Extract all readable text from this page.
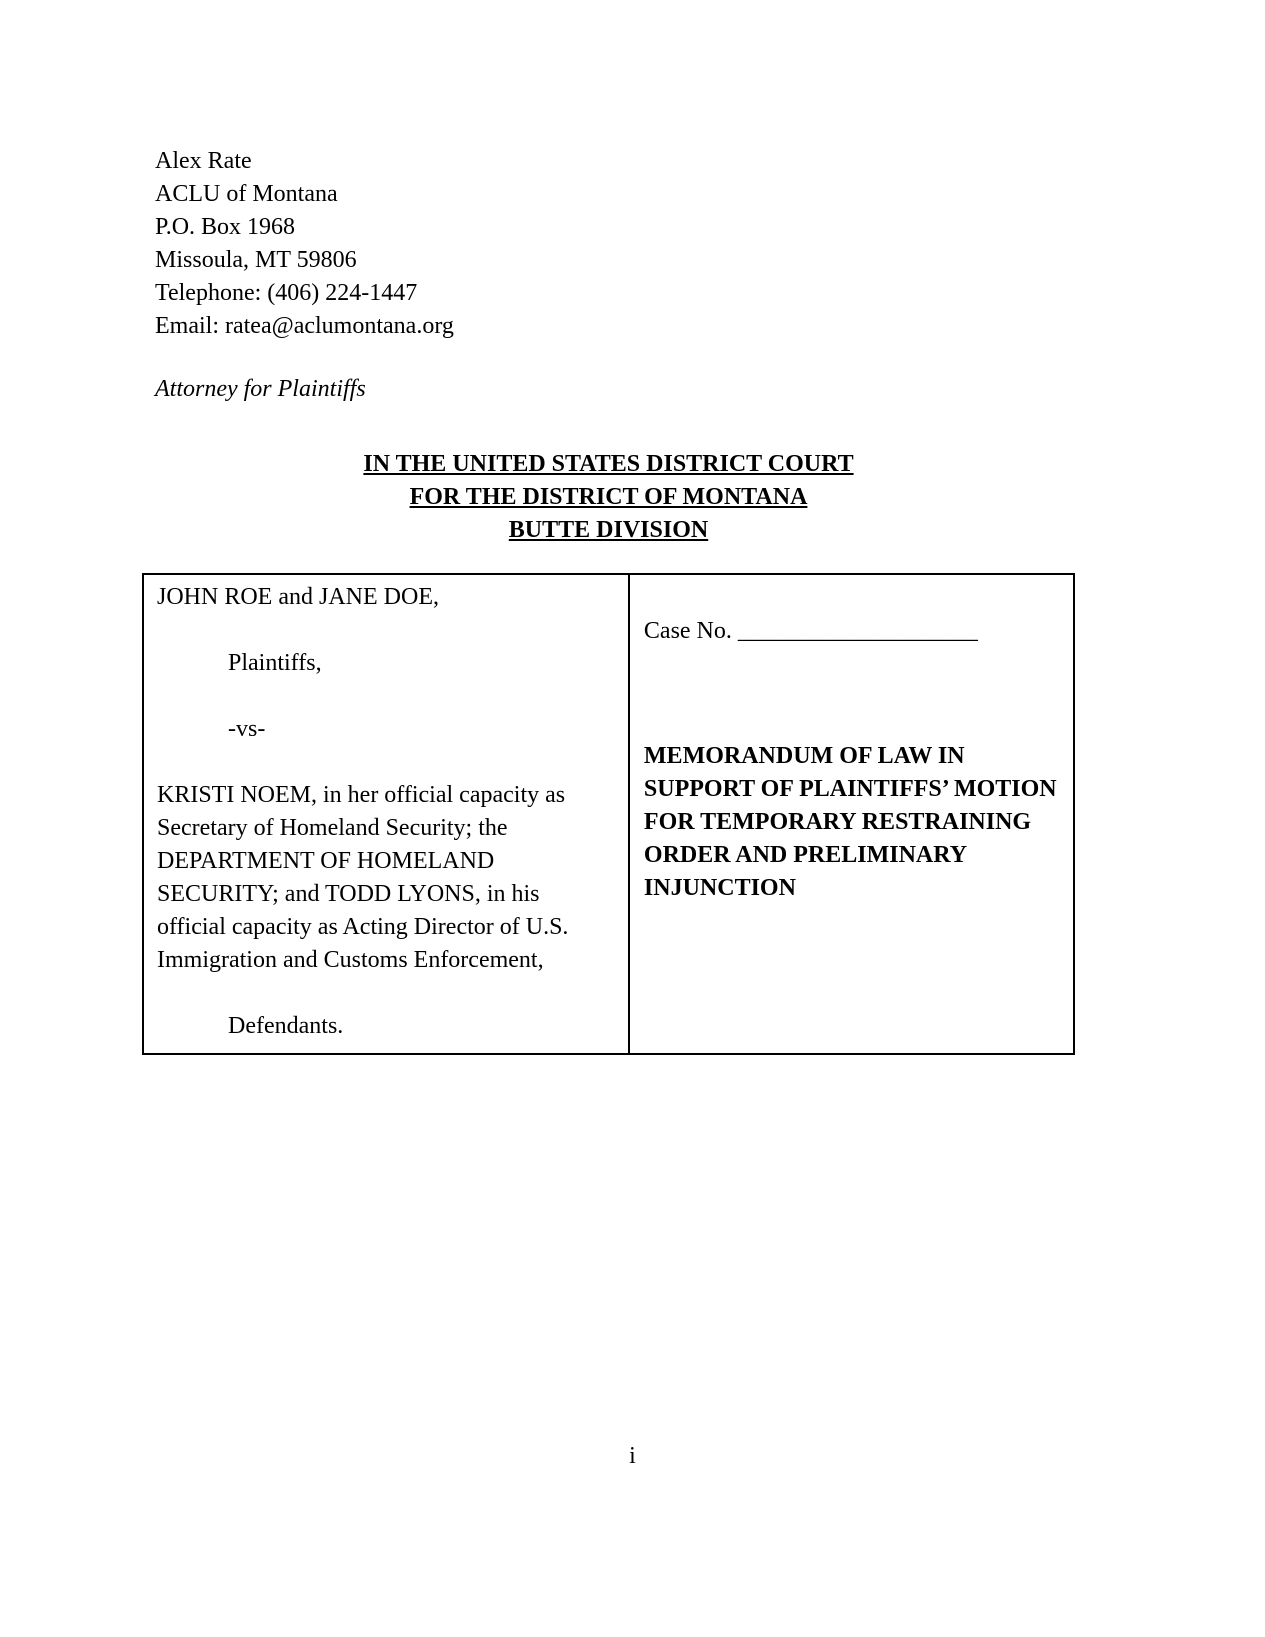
Alex Rate
ACLU of Montana
P.O. Box 1968
Missoula, MT 59806
Telephone: (406) 224-1447
Email: ratea@aclumontana.org
Attorney for Plaintiffs
IN THE UNITED STATES DISTRICT COURT
FOR THE DISTRICT OF MONTANA
BUTTE DIVISION
JOHN ROE and JANE DOE,
Plaintiffs,
-vs-
KRISTI NOEM, in her official capacity as Secretary of Homeland Security; the DEPARTMENT OF HOMELAND SECURITY; and TODD LYONS, in his official capacity as Acting Director of U.S. Immigration and Customs Enforcement,
Defendants.
Case No. ____________________
MEMORANDUM OF LAW IN SUPPORT OF PLAINTIFFS’ MOTION FOR TEMPORARY RESTRAINING ORDER AND PRELIMINARY INJUNCTION
i
